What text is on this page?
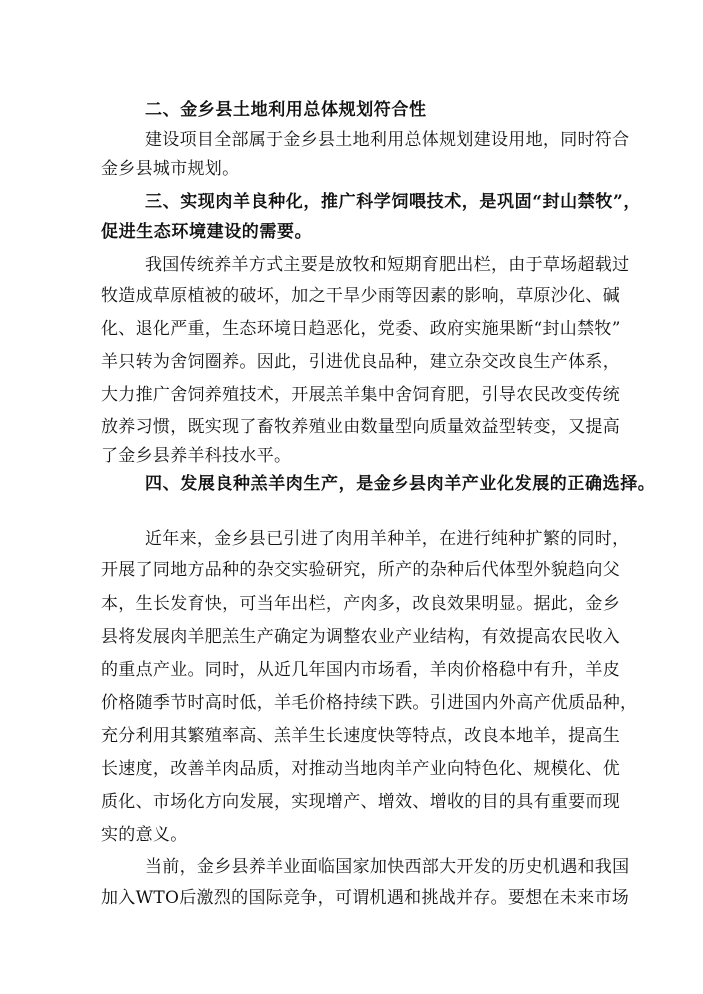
二、金乡县土地利用总体规划符合性
建设项目全部属于金乡县土地利用总体规划建设用地，同时符合
金乡县城市规划。
三、实现肉羊良种化，推广科学饲喂技术，是巩固“封山禁牧”，
促进生态环境建设的需要。
我国传统养羊方式主要是放牧和短期育肥出栏，由于草场超载过
牧造成草原植被的破坏，加之干旱少雨等因素的影响，草原沙化、碱
化、退化严重，生态环境日趋恶化，党委、政府实施果断“封山禁牧”
羊只转为舍饲圈养。因此，引进优良品种，建立杂交改良生产体系，
大力推广舍饲养殖技术，开展羔羊集中舍饲育肥，引导农民改变传统
放养习惯，既实现了畜牧养殖业由数量型向质量效益型转变，又提高
了金乡县养羊科技水平。
四、发展良种羔羊肉生产，是金乡县肉羊产业化发展的正确选择。
近年来，金乡县已引进了肉用羊种羊，在进行纯种扩繁的同时，
开展了同地方品种的杂交实验研究，所产的杂种后代体型外貌趋向父
本，生长发育快，可当年出栏，产肉多，改良效果明显。据此，金乡
县将发展肉羊肥羔生产确定为调整农业产业结构，有效提高农民收入
的重点产业。同时，从近几年国内市场看，羊肉价格稳中有升，羊皮
价格随季节时高时低，羊毛价格持续下跌。引进国内外高产优质品种，
充分利用其繁殖率高、羔羊生长速度快等特点，改良本地羊，提高生
长速度，改善羊肉品质，对推动当地肉羊产业向特色化、规模化、优
质化、市场化方向发展，实现增产、增效、增收的目的具有重要而现
实的意义。
当前，金乡县养羊业面临国家加快西部大开发的历史机遇和我国
加入WTO后激烈的国际竞争，可谓机遇和挑战并存。要想在未来市场
